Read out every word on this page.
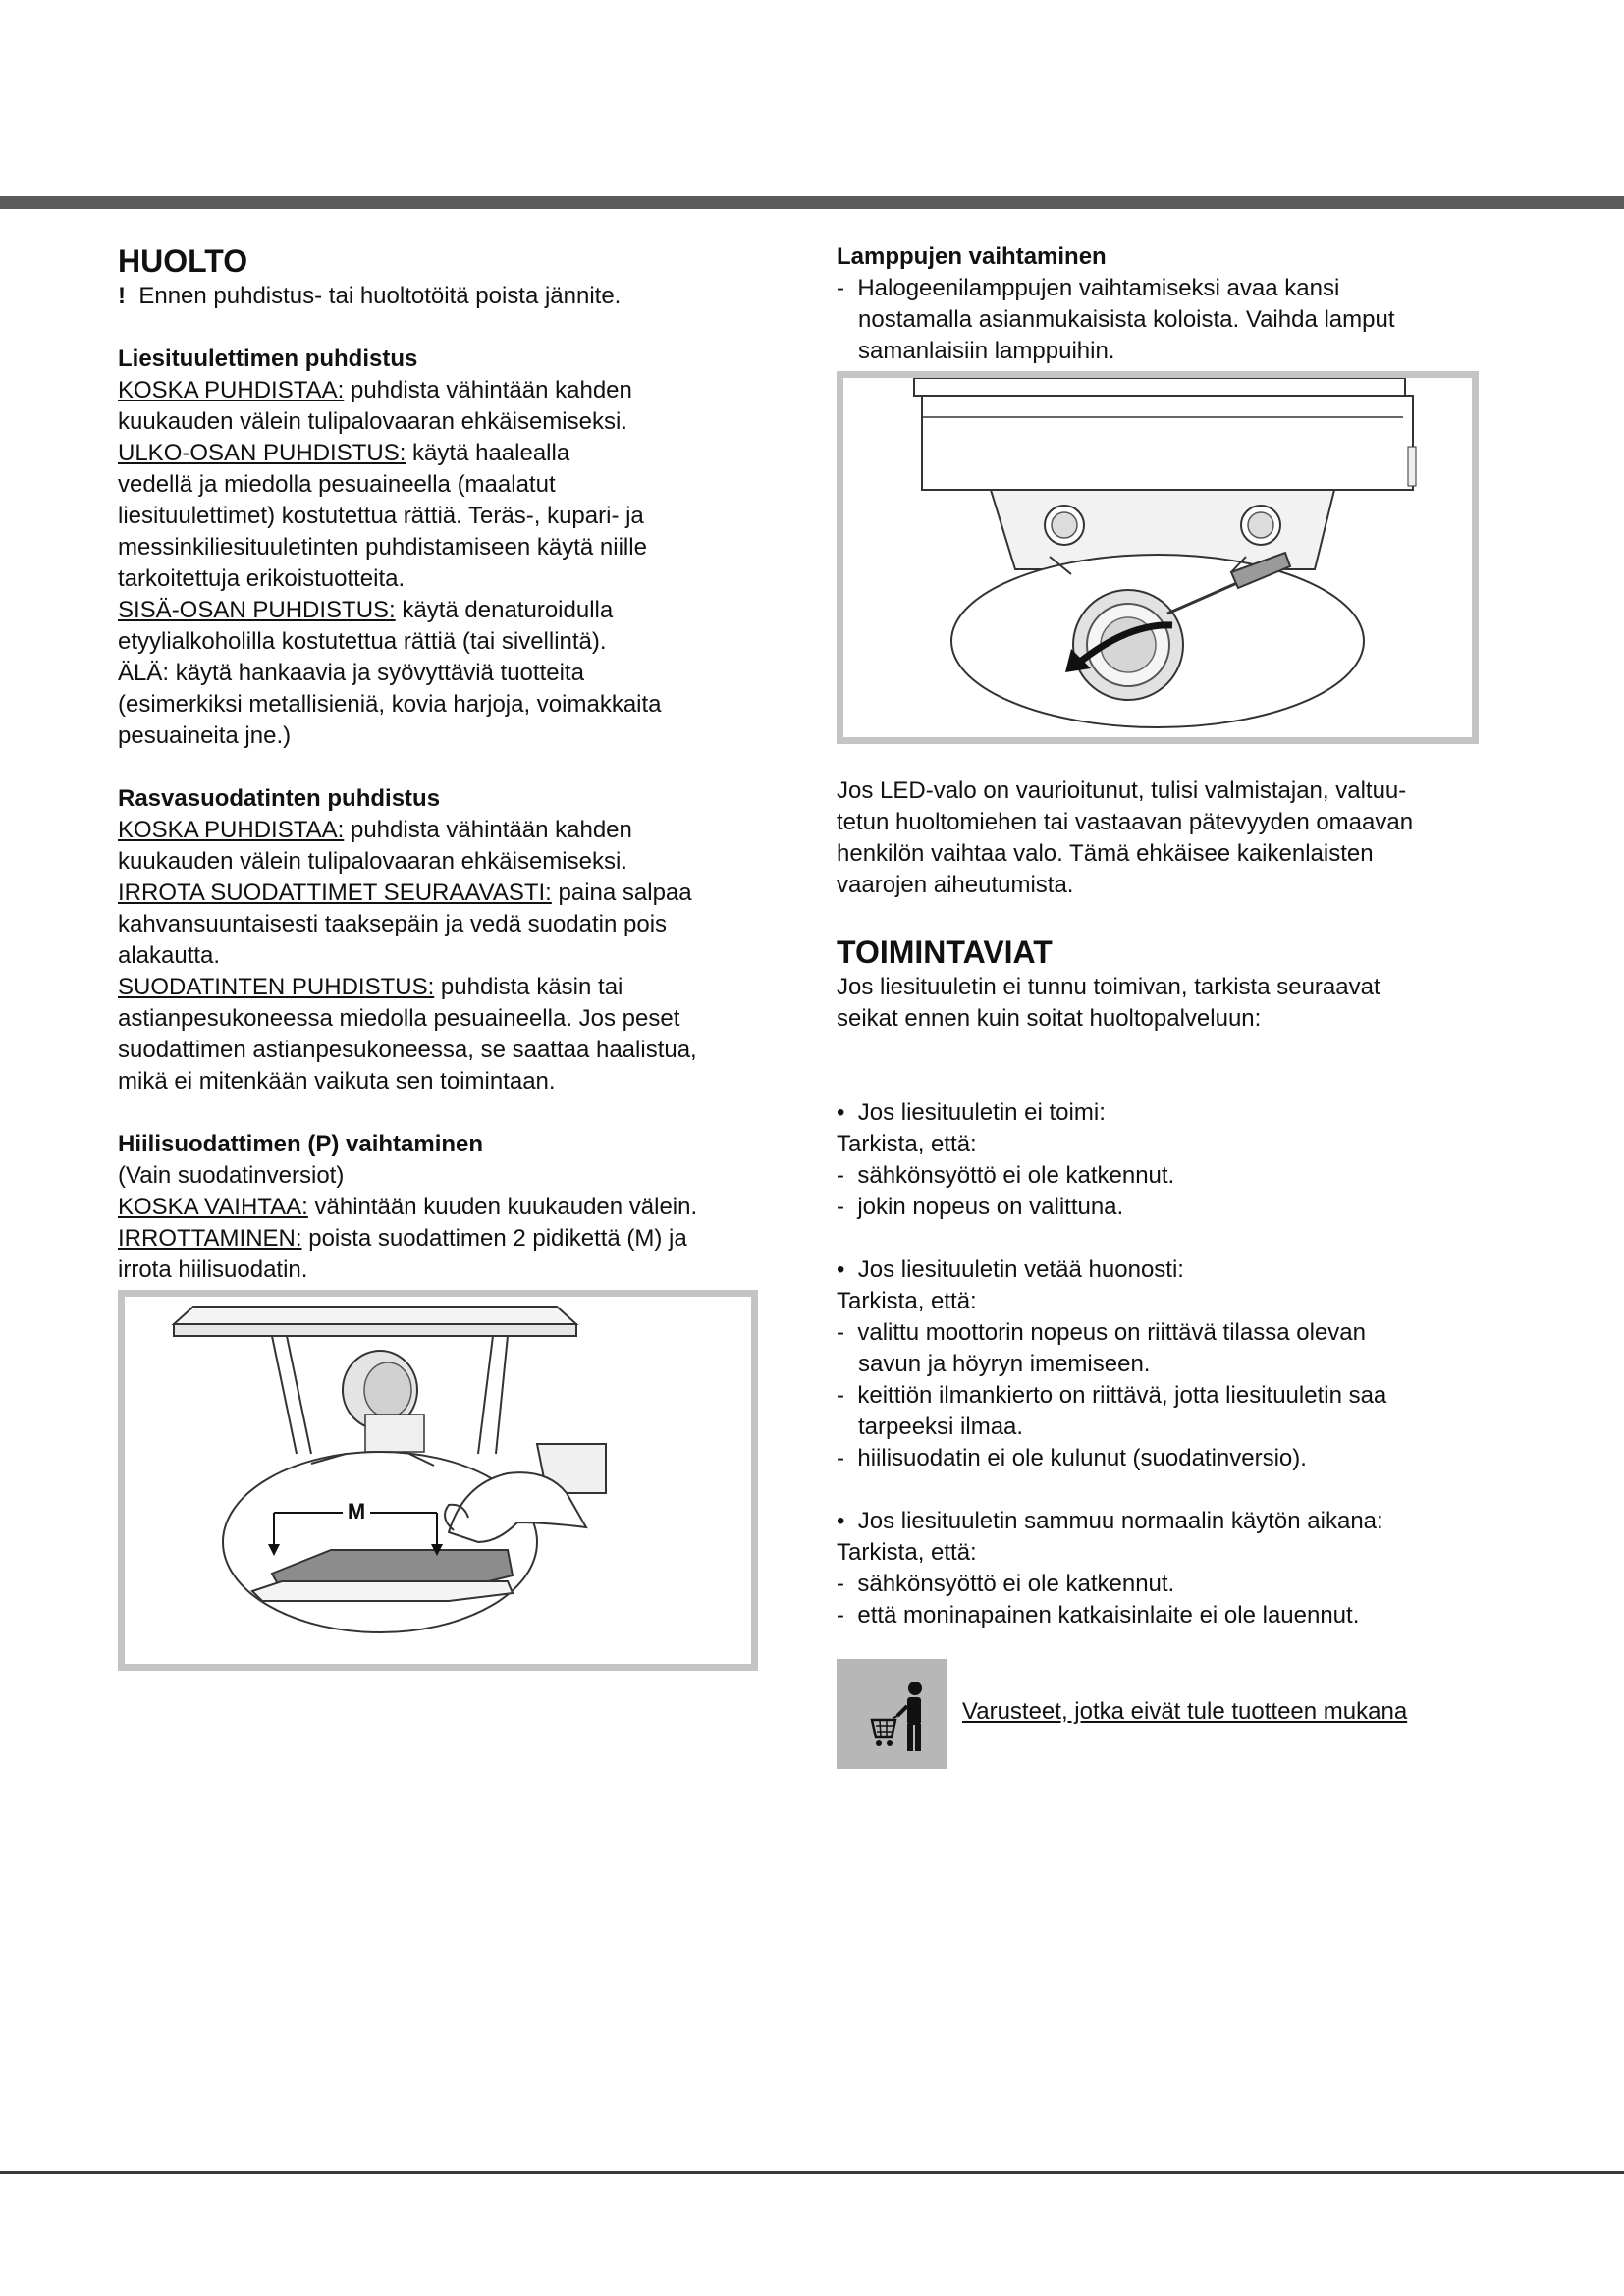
HUOLTO

! Ennen puhdistus- tai huoltotöitä poista jännite.

Liesituulettimen puhdistus

KOSKA PUHDISTAA: puhdista vähintään kahden

kuukauden välein tulipalovaaran ehkäisemiseksi.

ULKO-OSAN PUHDISTUS: käytä haalealla

vedellä ja miedolla pesuaineella (maalatut

liesituulettimet) kostutettua rättiä. Teräs-, kupari- ja

messinkiliesituuletinten puhdistamiseen käytä niille

tarkoitettuja erikoistuotteita.

SISÄ-OSAN PUHDISTUS: käytä denaturoidulla

etyylialkoholilla kostutettua rättiä (tai sivellintä).

ÄLÄ: käytä hankaavia ja syövyttäviä tuotteita

(esimerkiksi metallisieniä, kovia harjoja, voimakkaita

pesuaineita jne.)

Rasvasuodatinten puhdistus

KOSKA PUHDISTAA: puhdista vähintään kahden

kuukauden välein tulipalovaaran ehkäisemiseksi.

IRROTA SUODATTIMET SEURAAVASTI: paina salpaa

kahvansuuntaisesti taaksepäin ja vedä suodatin pois

alakautta.

SUODATINTEN PUHDISTUS: puhdista käsin tai

astianpesukoneessa miedolla pesuaineella. Jos peset

suodattimen astianpesukoneessa, se saattaa haalistua,

mikä ei mitenkään vaikuta sen toimintaan.

Hiilisuodattimen (P) vaihtaminen

(Vain suodatinversiot)

KOSKA VAIHTAA: vähintään kuuden kuukauden välein.

IRROTTAMINEN: poista suodattimen 2 pidikettä (M) ja

irrota hiilisuodatin.

M

Lamppujen vaihtaminen

- Halogeenilamppujen vaihtamiseksi avaa kansi

nostamalla asianmukaisista koloista. Vaihda lamput

samanlaisiin lamppuihin.

Jos LED-valo on vaurioitunut, tulisi valmistajan, valtuu-

tetun huoltomiehen tai vastaavan pätevyyden omaavan

henkilön vaihtaa valo. Tämä ehkäisee kaikenlaisten

vaarojen aiheutumista.

TOIMINTAVIAT

Jos liesituuletin ei tunnu toimivan, tarkista seuraavat

seikat ennen kuin soitat huoltopalveluun:

• Jos liesituuletin ei toimi:

Tarkista, että:

- sähkönsyöttö ei ole katkennut.

- jokin nopeus on valittuna.

• Jos liesituuletin vetää huonosti:

Tarkista, että:

- valittu moottorin nopeus on riittävä tilassa olevan

savun ja höyryn imemiseen.

- keittiön ilmankierto on riittävä, jotta liesituuletin saa

tarpeeksi ilmaa.

- hiilisuodatin ei ole kulunut (suodatinversio).

• Jos liesituuletin sammuu normaalin käytön aikana:

Tarkista, että:

- sähkönsyöttö ei ole katkennut.

- että moninapainen katkaisinlaite ei ole lauennut.

Varusteet, jotka eivät tule tuotteen mukana
